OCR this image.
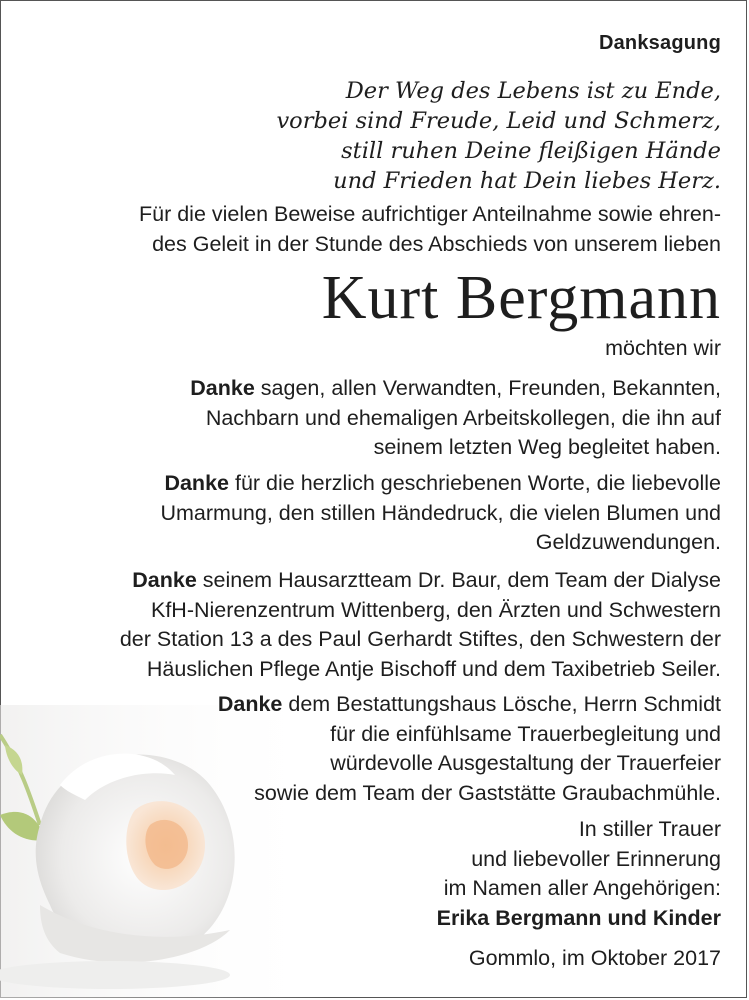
Danksagung
Der Weg des Lebens ist zu Ende,
vorbei sind Freude, Leid und Schmerz,
still ruhen Deine fleißigen Hände
und Frieden hat Dein liebes Herz.
Für die vielen Beweise aufrichtiger Anteilnahme sowie ehren-
des Geleit in der Stunde des Abschieds von unserem lieben
Kurt Bergmann
möchten wir
Danke sagen, allen Verwandten, Freunden, Bekannten,
Nachbarn und ehemaligen Arbeitskollegen, die ihn auf
seinem letzten Weg begleitet haben.
Danke für die herzlich geschriebenen Worte, die liebevolle
Umarmung, den stillen Händedruck, die vielen Blumen und
Geldzuwendungen.
Danke seinem Hausarztteam Dr. Baur, dem Team der Dialyse
KfH-Nierenzentrum Wittenberg, den Ärzten und Schwestern
der Station 13 a des Paul Gerhardt Stiftes, den Schwestern der
Häuslichen Pflege Antje Bischoff und dem Taxibetrieb Seiler.
Danke dem Bestattungshaus Lösche, Herrn Schmidt
für die einfühlsame Trauerbegleitung und
würdevolle Ausgestaltung der Trauerfeier
sowie dem Team der Gaststätte Graubachmühle.
In stiller Trauer
und liebevoller Erinnerung
im Namen aller Angehörigen:
Erika Bergmann und Kinder
Gommlo, im Oktober 2017
